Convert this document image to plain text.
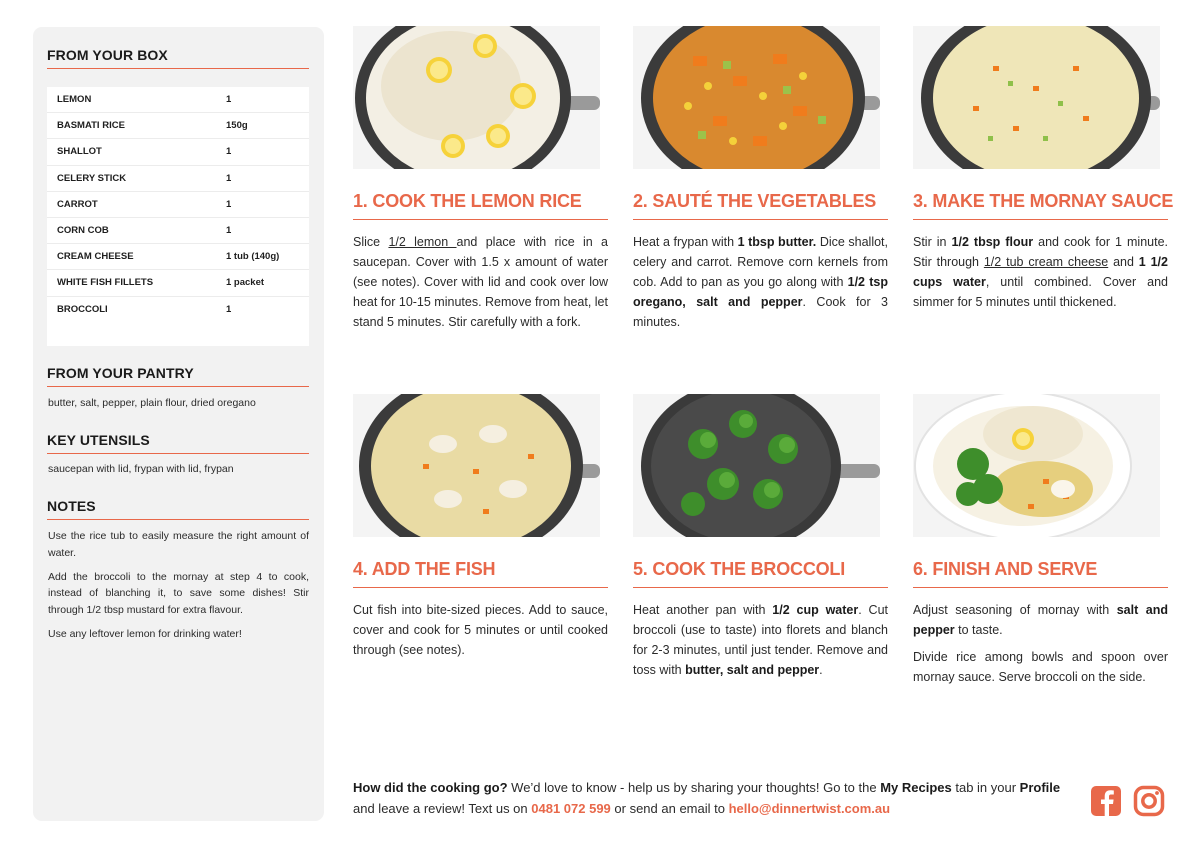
FROM YOUR BOX
LEMON	1
BASMATI RICE	150g
SHALLOT	1
CELERY STICK	1
CARROT	1
CORN COB	1
CREAM CHEESE	1 tub (140g)
WHITE FISH FILLETS	1 packet
BROCCOLI	1
FROM YOUR PANTRY
butter, salt, pepper, plain flour, dried oregano
KEY UTENSILS
saucepan with lid, frypan with lid, frypan
NOTES

Use the rice tub to easily measure the right amount of water.

Add the broccoli to the mornay at step 4 to cook, instead of blanching it, to save some dishes! Stir through 1/2 tbsp mustard for extra flavour.

Use any leftover lemon for drinking water!

1. COOK THE LEMON RICE
Slice 1/2 lemon and place with rice in a saucepan. Cover with 1.5 x amount of water (see notes). Cover with lid and cook over low heat for 10-15 minutes. Remove from heat, let stand 5 minutes. Stir carefully with a fork.
2. SAUTÉ THE VEGETABLES
Heat a frypan with 1 tbsp butter. Dice shallot, celery and carrot. Remove corn kernels from cob. Add to pan as you go along with 1/2 tsp oregano, salt and pepper. Cook for 3 minutes.
3. MAKE THE MORNAY SAUCE
Stir in 1/2 tbsp flour and cook for 1 minute. Stir through 1/2 tub cream cheese and 1 1/2 cups water, until combined. Cover and simmer for 5 minutes until thickened.
4. ADD THE FISH
Cut fish into bite-sized pieces. Add to sauce, cover and cook for 5 minutes or until cooked through (see notes).
5. COOK THE BROCCOLI
Heat another pan with 1/2 cup water. Cut broccoli (use to taste) into florets and blanch for 2-3 minutes, until just tender. Remove and toss with butter, salt and pepper.
6. FINISH AND SERVE

Adjust seasoning of mornay with salt and pepper to taste.

Divide rice among bowls and spoon over mornay sauce. Serve broccoli on the side.

How did the cooking go? We’d love to know - help us by sharing your thoughts! Go to the My Recipes tab in your Profile and leave a review! Text us on 0481 072 599 or send an email to hello@dinnertwist.com.au
